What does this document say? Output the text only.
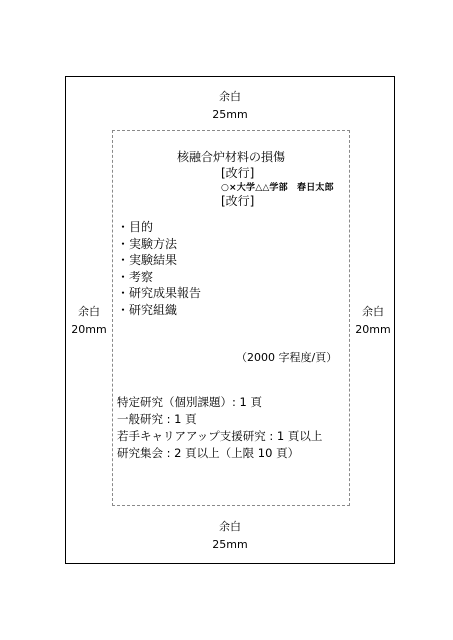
余白
25mm
余白
20mm
余白
20mm
余白
25mm
核融合炉材料の損傷
[改行]
○×大学△△学部　春日太郎
[改行]
・目的
・実験方法
・実験結果
・考察
・研究成果報告
・研究組織
（2000 字程度/頁）
特定研究（個別課題）: 1 頁
一般研究 : 1 頁
若手キャリアアップ支援研究 : 1 頁以上
研究集会 : 2 頁以上（上限 10 頁）
